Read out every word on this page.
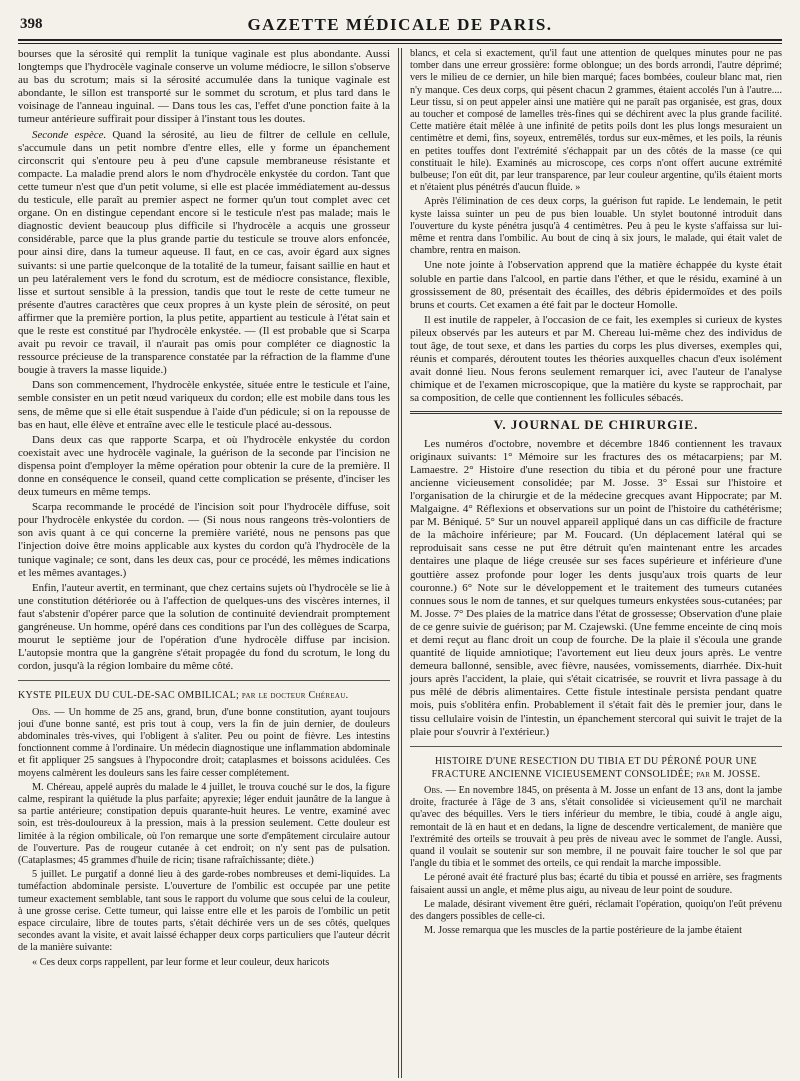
398	GAZETTE MÉDICALE DE PARIS.

bourses que la sérosité qui remplit la tunique vaginale est plus abondante. Aussi longtemps que l'hydrocèle vaginale conserve un volume médiocre, le sillon s'observe au bas du scrotum; mais si la sérosité accumulée dans la tunique vaginale est abondante, le sillon est transporté sur le sommet du scrotum, et plus tard dans le voisinage de l'anneau inguinal. — Dans tous les cas, l'effet d'une ponction faite à la tumeur antérieure suffirait pour dissiper à l'instant tous les doutes.

Seconde espèce. Quand la sérosité, au lieu de filtrer de cellule en cellule, s'accumule dans un petit nombre d'entre elles, elle y forme un épanchement circonscrit qui s'entoure peu à peu d'une capsule membraneuse résistante et compacte. La maladie prend alors le nom d'hydrocèle enkystée du cordon. Tant que cette tumeur n'est que d'un petit volume, si elle est placée immédiatement au-dessus du testicule, elle paraît au premier aspect ne former qu'un tout complet avec cet organe. On en distingue cependant encore si le testicule n'est pas malade; mais le diagnostic devient beaucoup plus difficile si l'hydrocèle a acquis une grosseur considérable, parce que la plus grande partie du testicule se trouve alors enfoncée, pour ainsi dire, dans la tumeur aqueuse. Il faut, en ce cas, avoir égard aux signes suivants: si une partie quelconque de la totalité de la tumeur, faisant saillie en haut et un peu latéralement vers le fond du scrotum, est de médiocre consistance, flexible, lisse et surtout sensible à la pression, tandis que tout le reste de cette tumeur ne présente d'autres caractères que ceux propres à un kyste plein de sérosité, on peut affirmer que la première portion, la plus petite, appartient au testicule à l'état sain et que le reste est constitué par l'hydrocèle enkystée. — (Il est probable que si Scarpa avait pu revoir ce travail, il n'aurait pas omis pour compléter ce diagnostic la ressource précieuse de la transparence constatée par la réfraction de la flamme d'une bougie à travers la masse liquide.)

Dans son commencement, l'hydrocèle enkystée, située entre le testicule et l'aine, semble consister en un petit nœud variqueux du cordon; elle est mobile dans tous les sens, de même que si elle était suspendue à l'aide d'un pédicule; si on la repousse de bas en haut, elle élève et entraîne avec elle le testicule placé au-dessous.

Dans deux cas que rapporte Scarpa, et où l'hydrocèle enkystée du cordon coexistait avec une hydrocèle vaginale, la guérison de la seconde par l'incision ne dispensa point d'employer la même opération pour obtenir la cure de la première. Il donne en conséquence le conseil, quand cette complication se présente, d'inciser les deux tumeurs en même temps.

Scarpa recommande le procédé de l'incision soit pour l'hydrocèle diffuse, soit pour l'hydrocèle enkystée du cordon. — (Si nous nous rangeons très-volontiers de son avis quant à ce qui concerne la première variété, nous ne pensons pas que l'injection doive être moins applicable aux kystes du cordon qu'à l'hydrocèle de la tunique vaginale; ce sont, dans les deux cas, pour ce procédé, les mêmes indications et les mêmes avantages.)

Enfin, l'auteur avertit, en terminant, que chez certains sujets où l'hydrocèle se lie à une constitution détériorée ou à l'affection de quelques-uns des viscères internes, il faut s'abstenir d'opérer parce que la solution de continuité deviendrait promptement gangréneuse. Un homme, opéré dans ces conditions par l'un des collègues de Scarpa, mourut le septième jour de l'opération d'une hydrocèle diffuse par incision. L'autopsie montra que la gangrène s'était propagée du fond du scrotum, le long du cordon, jusqu'à la région lombaire du même côté.

KYSTE PILEUX DU CUL-DE-SAC OMBILICAL; par le docteur Chéreau.

Obs. — Un homme de 25 ans, grand, brun, d'une bonne constitution, ayant toujours joui d'une bonne santé, est pris tout à coup, vers la fin de juin dernier, de douleurs abdominales très-vives, qui l'obligent à s'aliter. Peu ou point de fièvre. Les intestins fonctionnent comme à l'ordinaire. Un médecin diagnostique une inflammation abdominale et fit appliquer 25 sangsues à l'hypocondre droit; cataplasmes et boissons acidulées. Ces moyens calmèrent les douleurs sans les faire cesser complétement.

M. Chéreau, appelé auprès du malade le 4 juillet, le trouva couché sur le dos, la figure calme, respirant la quiétude la plus parfaite; apyrexie; léger enduit jaunâtre de la langue à sa partie antérieure; constipation depuis quarante-huit heures. Le ventre, examiné avec soin, est très-douloureux à la pression, mais à la pression seulement. Cette douleur est limitée à la région ombilicale, où l'on remarque une sorte d'empâtement circulaire autour de l'ouverture. Pas de rougeur cutanée à cet endroit; on n'y sent pas de pulsation. (Cataplasmes; 45 grammes d'huile de ricin; tisane rafraîchissante; diète.)

5 juillet. Le purgatif a donné lieu à des garde-robes nombreuses et demi-liquides. La tuméfaction abdominale persiste. L'ouverture de l'ombilic est occupée par une petite tumeur exactement semblable, tant sous le rapport du volume que sous celui de la couleur, à une grosse cerise. Cette tumeur, qui laisse entre elle et les parois de l'ombilic un petit espace circulaire, libre de toutes parts, s'était déchirée vers un de ses côtés, quelques secondes avant la visite, et avait laissé échapper deux corps particuliers que l'auteur décrit de la manière suivante:

« Ces deux corps rappellent, par leur forme et leur couleur, deux haricots

blancs, et cela si exactement, qu'il faut une attention de quelques minutes pour ne pas tomber dans une erreur grossière: forme oblongue; un des bords arrondi, l'autre déprimé; vers le milieu de ce dernier, un hile bien marqué; faces bombées, couleur blanc mat, rien n'y manque. Ces deux corps, qui pèsent chacun 2 grammes, étaient accolés l'un à l'autre.... Leur tissu, si on peut appeler ainsi une matière qui ne paraît pas organisée, est gras, doux au toucher et composé de lamelles très-fines qui se déchirent avec la plus grande facilité. Cette matière était mêlée à une infinité de petits poils dont les plus longs mesuraient un centimètre et demi, fins, soyeux, entremêlés, tordus sur eux-mêmes, et les poils, la réunis en petites touffes dont l'extrémité s'échappait par un des côtés de la masse (ce qui constituait le hile). Examinés au microscope, ces corps n'ont offert aucune extrémité bulbeuse; l'on eût dit, par leur transparence, par leur couleur argentine, qu'ils étaient morts et n'étaient plus pénétrés d'aucun fluide. »

Après l'élimination de ces deux corps, la guérison fut rapide. Le lendemain, le petit kyste laissa suinter un peu de pus bien louable. Un stylet boutonné introduit dans l'ouverture du kyste pénétra jusqu'à 4 centimètres. Peu à peu le kyste s'affaissa sur lui-même et rentra dans l'ombilic. Au bout de cinq à six jours, le malade, qui était valet de chambre, rentra en maison.

Une note jointe à l'observation apprend que la matière échappée du kyste était soluble en partie dans l'alcool, en partie dans l'éther, et que le résidu, examiné à un grossissement de 80, présentait des écailles, des débris épidermoïdes et des poils bruns et courts. Cet examen a été fait par le docteur Homolle.

Il est inutile de rappeler, à l'occasion de ce fait, les exemples si curieux de kystes pileux observés par les auteurs et par M. Chereau lui-même chez des individus de tout âge, de tout sexe, et dans les parties du corps les plus diverses, exemples qui, réunis et comparés, déroutent toutes les théories auxquelles chacun d'eux isolément avait donné lieu. Nous ferons seulement remarquer ici, avec l'auteur de l'analyse chimique et de l'examen microscopique, que la matière du kyste se rapprochait, par sa composition, de celle que contiennent les follicules sébacés.

V. JOURNAL DE CHIRURGIE.

Les numéros d'octobre, novembre et décembre 1846 contiennent les travaux originaux suivants: 1° Mémoire sur les fractures des os métacarpiens; par M. Lamaestre. 2° Histoire d'une resection du tibia et du péroné pour une fracture ancienne vicieusement consolidée; par M. Josse. 3° Essai sur l'histoire et l'organisation de la chirurgie et de la médecine grecques avant Hippocrate; par M. Malgaigne. 4° Réflexions et observations sur un point de l'histoire du cathétérisme; par M. Béniqué. 5° Sur un nouvel appareil appliqué dans un cas difficile de fracture de la mâchoire inférieure; par M. Foucard. (Un déplacement latéral qui se reproduisait sans cesse ne put être détruit qu'en maintenant entre les arcades dentaires une plaque de liége creusée sur ses faces supérieure et inférieure d'une gouttière assez profonde pour loger les dents jusqu'aux trois quarts de leur couronne.) 6° Note sur le développement et le traitement des tumeurs cutanées connues sous le nom de tannes, et sur quelques tumeurs enkystées sous-cutanées; par M. Josse. 7° Des plaies de la matrice dans l'état de grossesse; Observation d'une plaie de ce genre suivie de guérison; par M. Czajewski. (Une femme enceinte de cinq mois et demi reçut au flanc droit un coup de fourche. De la plaie il s'écoula une grande quantité de liquide amniotique; l'avortement eut lieu deux jours après. Le ventre demeura ballonné, sensible, avec fièvre, nausées, vomissements, diarrhée. Dix-huit jours après l'accident, la plaie, qui s'était cicatrisée, se rouvrit et livra passage à du pus mêlé de débris alimentaires. Cette fistule intestinale persista pendant quatre mois, puis s'oblitéra enfin. Probablement il s'était fait dès le premier jour, dans le tissu cellulaire voisin de l'intestin, un épanchement stercoral qui suivit le trajet de la plaie pour s'ouvrir à l'extérieur.)

HISTOIRE D'UNE RESECTION DU TIBIA ET DU PÉRONÉ POUR UNE FRACTURE ANCIENNE VICIEUSEMENT CONSOLIDÉE; par M. JOSSE.

Obs. — En novembre 1845, on présenta à M. Josse un enfant de 13 ans, dont la jambe droite, fracturée à l'âge de 3 ans, s'était consolidée si vicieusement qu'il ne marchait qu'avec des béquilles. Vers le tiers inférieur du membre, le tibia, coudé à angle aigu, remontait de là en haut et en dedans, la ligne de descendre verticalement, de manière que l'extrémité des orteils se trouvait à peu près de niveau avec le sommet de l'angle. Aussi, quand il voulait se soutenir sur son membre, il ne pouvait faire toucher le sol que par l'angle du tibia et le sommet des orteils, ce qui rendait la marche impossible.

Le péroné avait été fracturé plus bas; écarté du tibia et poussé en arrière, ses fragments faisaient aussi un angle, et même plus aigu, au niveau de leur point de soudure.

Le malade, désirant vivement être guéri, réclamait l'opération, quoiqu'on l'eût prévenu des dangers possibles de celle-ci.

M. Josse remarqua que les muscles de la partie postérieure de la jambe étaient
